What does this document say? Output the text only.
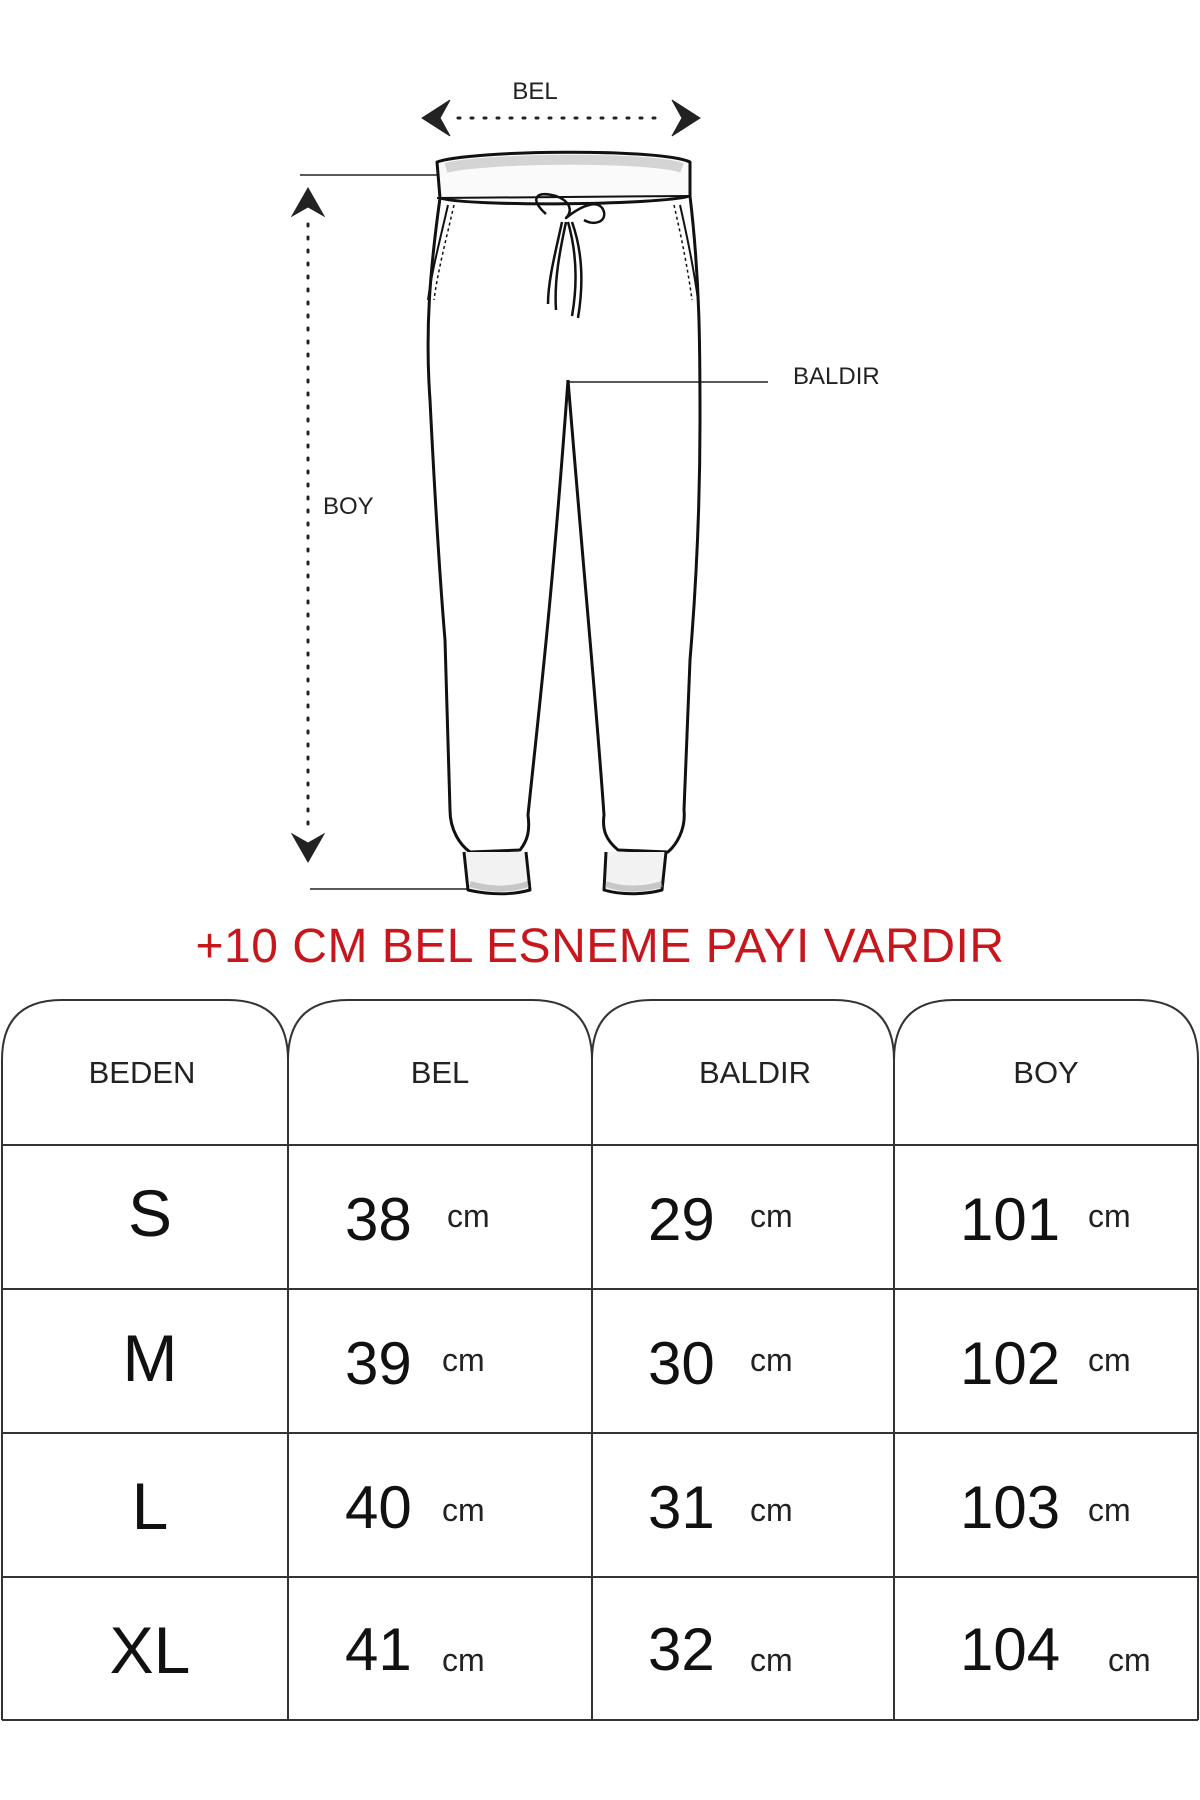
BEL
BOY
BALDIR
+10 CM BEL ESNEME PAYI VARDIR
BEDEN	BEL	BALDIR	BOY
S	38 cm	29 cm	101 cm
M	39 cm	30 cm	102 cm
L	40 cm	31 cm	103 cm
XL	41 cm	32 cm	104 cm
